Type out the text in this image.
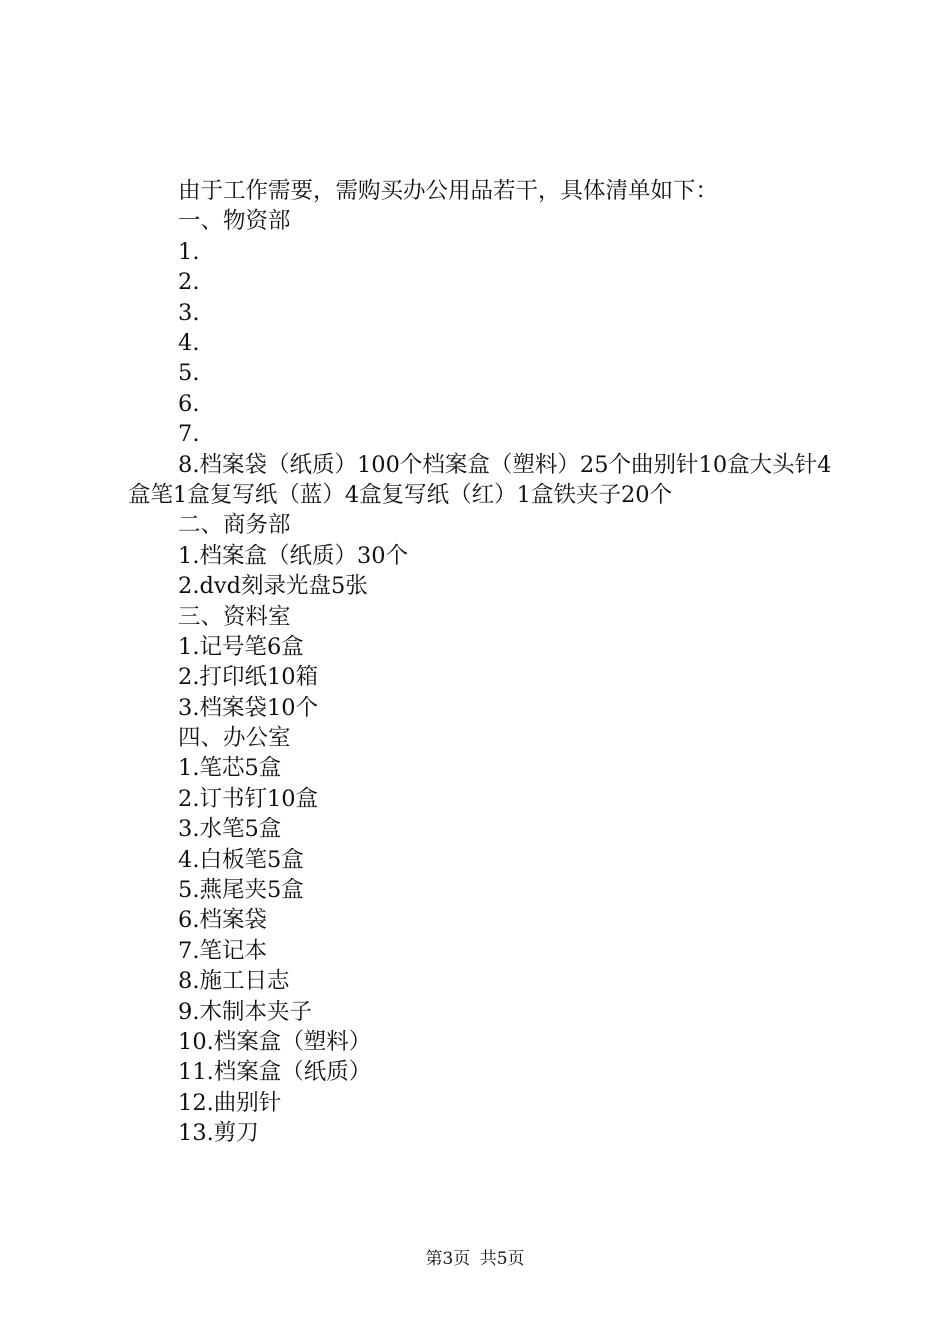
由于工作需要，需购买办公用品若干，具体清单如下：
一、物资部
1.
2.
3.
4.
5.
6.
7.
8.档案袋（纸质）100个档案盒（塑料）25个曲别针10盒大头针4盒笔1盒复写纸（蓝）4盒复写纸（红）1盒铁夹子20个
二、商务部
1.档案盒（纸质）30个
2.dvd刻录光盘5张
三、资料室
1.记号笔6盒
2.打印纸10箱
3.档案袋10个
四、办公室
1.笔芯5盒
2.订书钉10盒
3.水笔5盒
4.白板笔5盒
5.燕尾夹5盒
6.档案袋
7.笔记本
8.施工日志
9.木制本夹子
10.档案盒（塑料）
11.档案盒（纸质）
12.曲别针
13.剪刀
第3页 共5页
